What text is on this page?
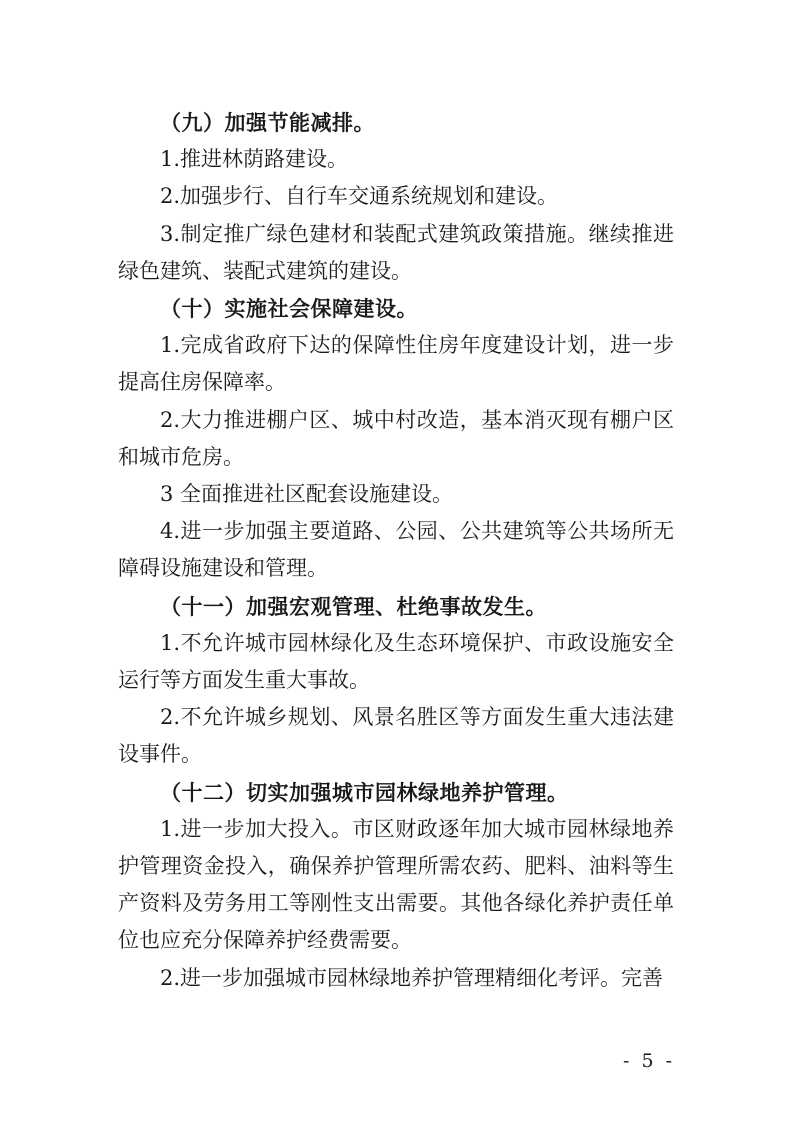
（九）加强节能减排。

1.推进林荫路建设。

2.加强步行、自行车交通系统规划和建设。

3.制定推广绿色建材和装配式建筑政策措施。继续推进绿色建筑、装配式建筑的建设。

（十）实施社会保障建设。

1.完成省政府下达的保障性住房年度建设计划，进一步提高住房保障率。

2.大力推进棚户区、城中村改造，基本消灭现有棚户区和城市危房。

3 全面推进社区配套设施建设。

4.进一步加强主要道路、公园、公共建筑等公共场所无障碍设施建设和管理。

（十一）加强宏观管理、杜绝事故发生。

1.不允许城市园林绿化及生态环境保护、市政设施安全运行等方面发生重大事故。

2.不允许城乡规划、风景名胜区等方面发生重大违法建设事件。

（十二）切实加强城市园林绿地养护管理。

1.进一步加大投入。市区财政逐年加大城市园林绿地养护管理资金投入，确保养护管理所需农药、肥料、油料等生产资料及劳务用工等刚性支出需要。其他各绿化养护责任单位也应充分保障养护经费需要。

2.进一步加强城市园林绿地养护管理精细化考评。完善

- 5 -
